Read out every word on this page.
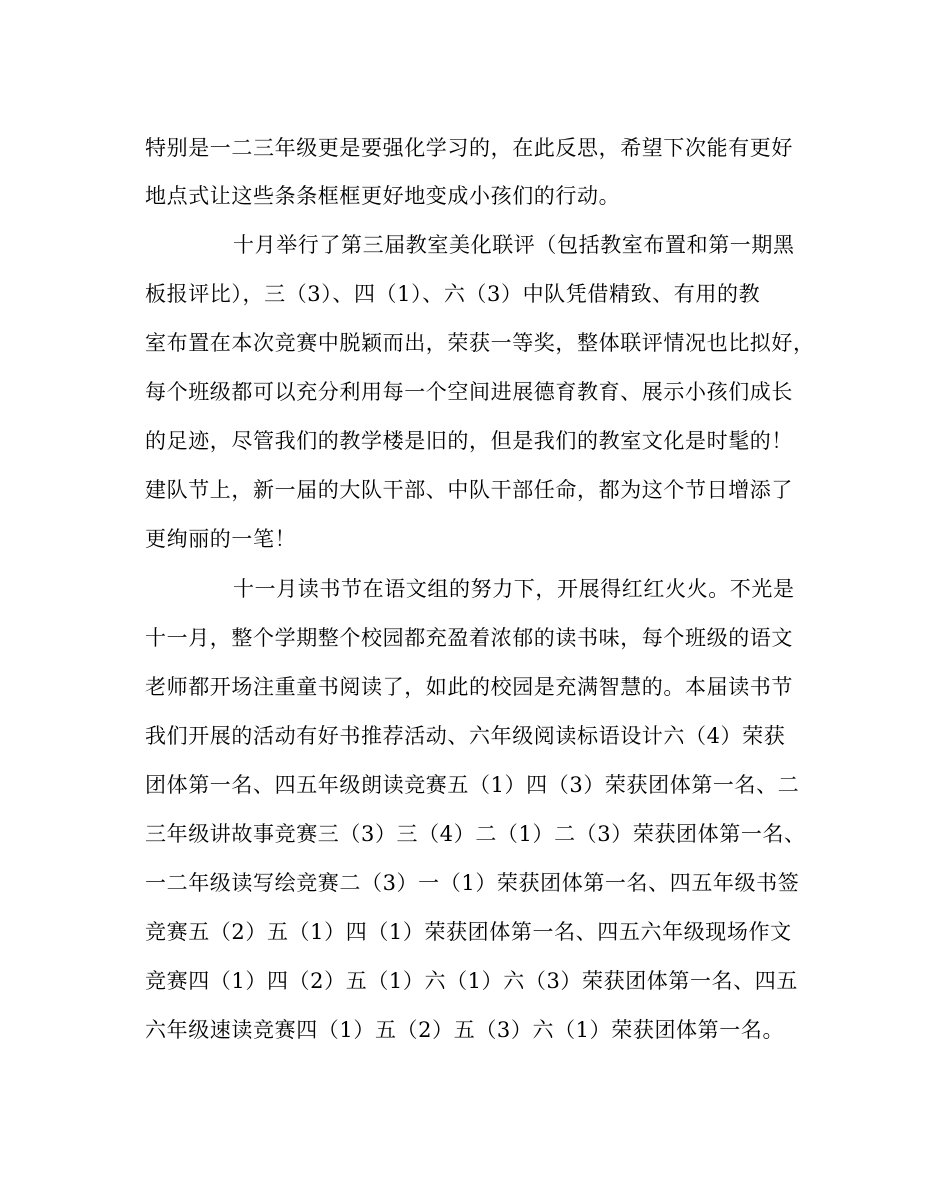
特别是一二三年级更是要强化学习的，在此反思，希望下次能有更好
地点式让这些条条框框更好地变成小孩们的行动。
十月举行了第三届教室美化联评（包括教室布置和第一期黑
板报评比），三（3）、四（1）、六（3）中队凭借精致、有用的教
室布置在本次竞赛中脱颖而出，荣获一等奖，整体联评情况也比拟好，
每个班级都可以充分利用每一个空间进展德育教育、展示小孩们成长
的足迹，尽管我们的教学楼是旧的，但是我们的教室文化是时髦的！
建队节上，新一届的大队干部、中队干部任命，都为这个节日增添了
更绚丽的一笔！
十一月读书节在语文组的努力下，开展得红红火火。不光是
十一月，整个学期整个校园都充盈着浓郁的读书味，每个班级的语文
老师都开场注重童书阅读了，如此的校园是充满智慧的。本届读书节
我们开展的活动有好书推荐活动、六年级阅读标语设计六（4）荣获
团体第一名、四五年级朗读竞赛五（1）四（3）荣获团体第一名、二
三年级讲故事竞赛三（3）三（4）二（1）二（3）荣获团体第一名、
一二年级读写绘竞赛二（3）一（1）荣获团体第一名、四五年级书签
竞赛五（2）五（1）四（1）荣获团体第一名、四五六年级现场作文
竞赛四（1）四（2）五（1）六（1）六（3）荣获团体第一名、四五
六年级速读竞赛四（1）五（2）五（3）六（1）荣获团体第一名。
